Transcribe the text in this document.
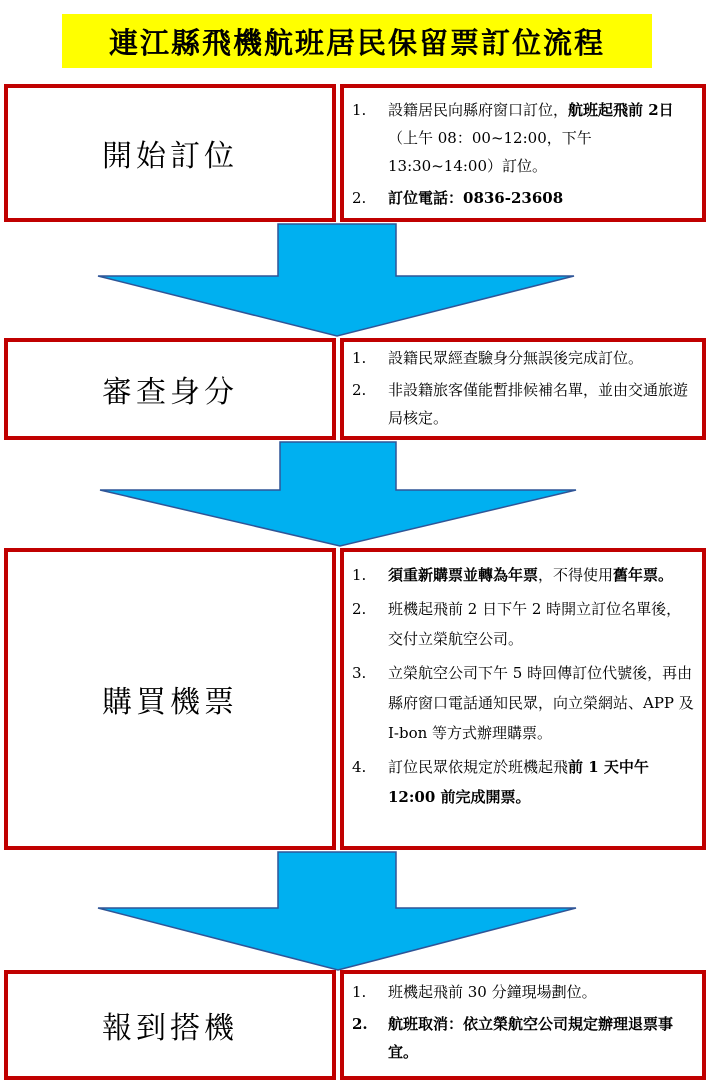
連江縣飛機航班居民保留票訂位流程
開始訂位
1.	設籍居民向縣府窗口訂位，航班起飛前 2日（上午 08：00~12:00，下午 13:30~14:00）訂位。
2.	訂位電話：0836-23608
審查身分
1.	設籍民眾經查驗身分無誤後完成訂位。
2.	非設籍旅客僅能暫排候補名單，並由交通旅遊局核定。
購買機票
1.	須重新購票並轉為年票，不得使用舊年票。
2.	班機起飛前 2 日下午 2 時開立訂位名單後，交付立榮航空公司。
3.	立榮航空公司下午 5 時回傳訂位代號後，再由縣府窗口電話通知民眾，向立榮網站、APP 及 I-bon 等方式辦理購票。
4.	訂位民眾依規定於班機起飛前 1 天中午 12:00 前完成開票。
報到搭機
1.	班機起飛前 30 分鐘現場劃位。
2.	航班取消：依立榮航空公司規定辦理退票事宜。
